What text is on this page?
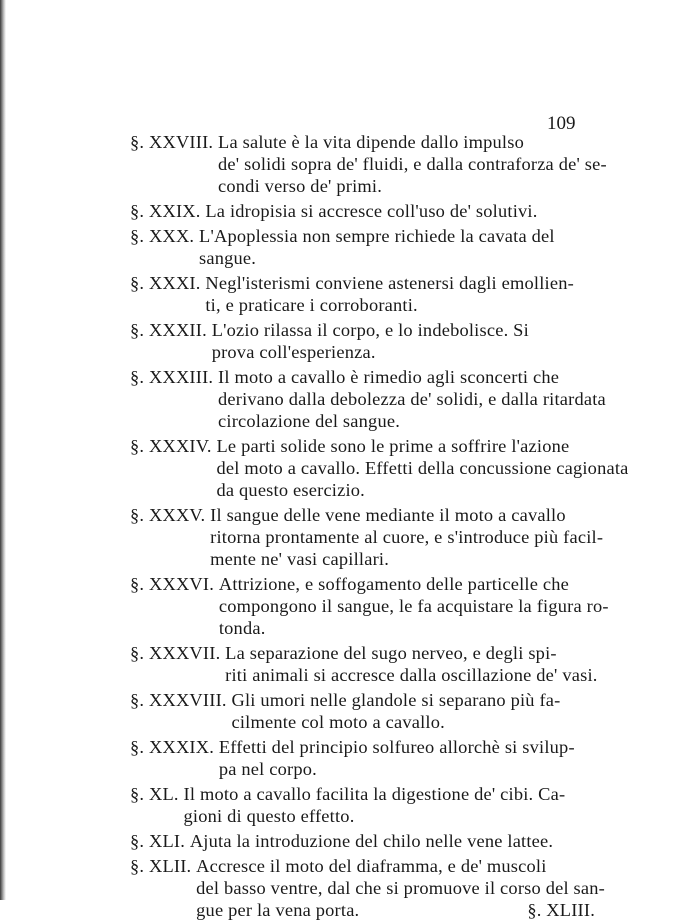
109
§. XXVIII. La salute è la vita dipende dallo impulso
de' solidi sopra de' fluidi, e dalla contraforza de' se-
condi verso de' primi.
§. XXIX. La idropisia si accresce coll'uso de' solutivi.
§. XXX. L'Apoplessia non sempre richiede la cavata del
sangue.
§. XXXI. Negl'isterismi conviene astenersi dagli emollien-
ti, e praticare i corroboranti.
§. XXXII. L'ozio rilassa il corpo, e lo indebolisce. Si
prova coll'esperienza.
§. XXXIII. Il moto a cavallo è rimedio agli sconcerti che
derivano dalla debolezza de' solidi, e dalla ritardata
circolazione del sangue.
§. XXXIV. Le parti solide sono le prime a soffrire l'azione
del moto a cavallo. Effetti della concussione cagionata
da questo esercizio.
§. XXXV. Il sangue delle vene mediante il moto a cavallo
ritorna prontamente al cuore, e s'introduce più facil-
mente ne' vasi capillari.
§. XXXVI. Attrizione, e soffogamento delle particelle che
compongono il sangue, le fa acquistare la figura ro-
tonda.
§. XXXVII. La separazione del sugo nerveo, e degli spi-
riti animali si accresce dalla oscillazione de' vasi.
§. XXXVIII. Gli umori nelle glandole si separano più fa-
cilmente col moto a cavallo.
§. XXXIX. Effetti del principio solfureo allorchè si svilup-
pa nel corpo.
§. XL. Il moto a cavallo facilita la digestione de' cibi. Ca-
gioni di questo effetto.
§. XLI. Ajuta la introduzione del chilo nelle vene lattee.
§. XLII. Accresce il moto del diaframma, e de' muscoli
del basso ventre, dal che si promuove il corso del san-
gue per la vena porta.	§. XLIII.
